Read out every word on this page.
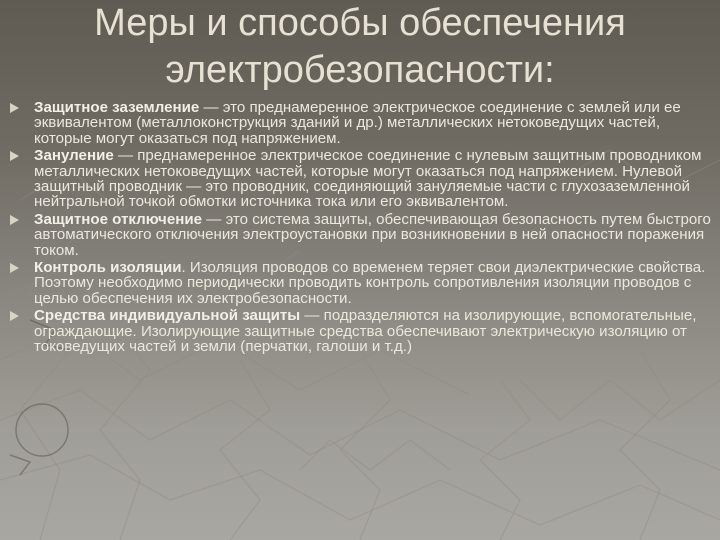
Меры и способы обеспечения
электробезопасности:

Защитное заземление — это преднамеренное электрическое соединение с землей или ее эквивалентом (металлоконструкция зданий и др.) металлических нетоковедущих частей, которые могут оказаться под напряжением.

Зануление — преднамеренное электрическое соединение с нулевым защитным проводником металлических нетоковедущих частей, которые могут оказаться под напряжением. Нулевой защитный проводник — это проводник, соединяющий зануляемые части с глухозаземленной нейтральной точкой обмотки источника тока или его эквивалентом.

Защитное отключение — это система защиты, обеспечивающая безопасность путем быстрого автоматического отключения электроустановки при возникновении в ней опасности поражения током.

Контроль изоляции. Изоляция проводов со временем теряет свои диэлектрические свойства. Поэтому необходимо периодически проводить контроль сопротивления изоляции проводов с целью обеспечения их электробезопасности.

Средства индивидуальной защиты — подразделяются на изолирующие, вспомогательные, ограждающие. Изолирующие защитные средства обеспечивают электрическую изоляцию от токоведущих частей и земли (перчатки, галоши и т.д.)
